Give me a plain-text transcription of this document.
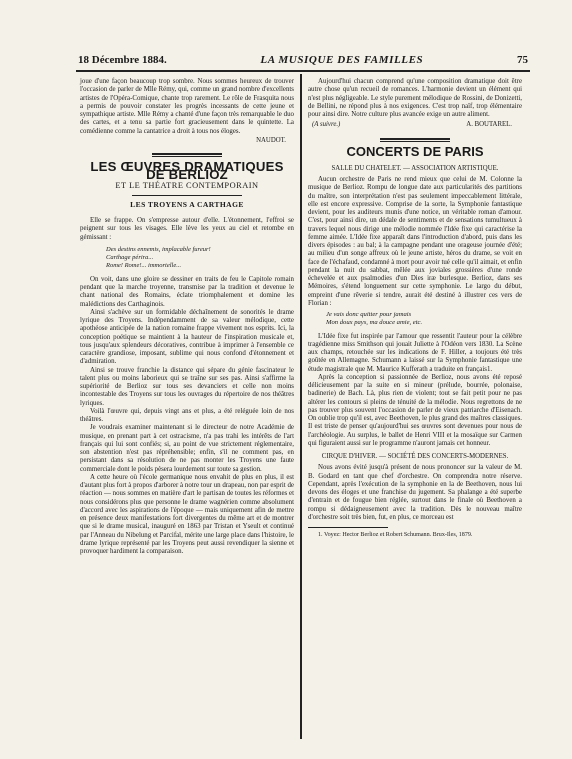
18 Décembre 1884.	LA MUSIQUE DES FAMILLES	75

joue d'une façon beaucoup trop sombre. Nous sommes heureux de trouver l'occasion de parler de Mlle Rémy, qui, comme un grand nombre d'excellents artistes de l'Opéra-Comique, chante trop rarement. Le rôle de Frasquita nous a permis de pouvoir constater les progrès incessants de cette jeune et sympathique artiste. Mlle Rémy a chanté d'une façon très remarquable le duo des cartes, et a tenu sa partie fort gracieusement dans le quintette. La comédienne comme la cantatrice a droit à tous nos éloges.

NAUDOT.

LES ŒUVRES DRAMATIQUES DE BERLIOZ
ET LE THÉATRE CONTEMPORAIN
LES TROYENS A CARTHAGE

Elle se frappe. On s'empresse autour d'elle. L'étonnement, l'effroi se peignent sur tous les visages. Elle lève les yeux au ciel et retombe en gémissant :

Des destins ennemis, implacable fureur!
Carthage périra...
Rome! Rome!... immortelle...

On voit, dans une gloire se dessiner en traits de feu le Capitole romain pendant que la marche troyenne, transmise par la tradition et devenue le chant national des Romains, éclate triomphalement et domine les malédictions des Carthaginois.

Ainsi s'achève sur un formidable déchaînement de sonorités le drame lyrique des Troyens. Indépendamment de sa valeur mélodique, cette apothéose anticipée de la nation romaine frappe vivement nos esprits. Ici, la conception poétique se maintient à la hauteur de l'inspiration musicale et, tous jusqu'aux splendeurs décoratives, contribue à imprimer à l'ensemble ce caractère grandiose, imposant, sublime qui nous confond d'étonnement et d'admiration.

Ainsi se trouve franchie la distance qui sépare du génie fascinateur le talent plus ou moins laborieux qui se traîne sur ses pas. Ainsi s'affirme la supériorité de Berlioz sur tous ses devanciers et celle non moins incontestable des Troyens sur tous les ouvrages du répertoire de nos théâtres lyriques.

Voilà l'œuvre qui, depuis vingt ans et plus, a été reléguée loin de nos théâtres.

Je voudrais examiner maintenant si le directeur de notre Académie de musique, en prenant part à cet ostracisme, n'a pas trahi les intérêts de l'art français qui lui sont confiés; si, au point de vue strictement réglementaire, son abstention n'est pas répréhensible; enfin, s'il ne comment pas, en persistant dans sa résolution de ne pas monter les Troyens une faute commerciale dont le poids pèsera lourdement sur toute sa gestion.

A cette heure où l'école germanique nous envahit de plus en plus, il est d'autant plus fort à propos d'arborer à notre tour un drapeau, non par esprit de réaction — nous sommes en matière d'art le partisan de toutes les réformes et nous considérons plus que personne le drame wagnérien comme absolument d'accord avec les aspirations de l'époque — mais uniquement afin de mettre en présence deux manifestations fort divergentes du même art et de montrer que si le drame musical, inauguré en 1863 par Tristan et Yseult et continué par l'Anneau du Nibelung et Parcifal, mérite une large place dans l'histoire, le drame lyrique représenté par les Troyens peut aussi revendiquer la sienne et provoquer hardiment la comparaison.

Aujourd'hui chacun comprend qu'une composition dramatique doit être autre chose qu'un recueil de romances. L'harmonie devient un élément qui n'est plus négligeable. Le style purement mélodique de Rossini, de Donizetti, de Bellini, ne répond plus à nos exigences. C'est trop naïf, trop élémentaire pour ainsi dire. Notre culture plus avancée exige un autre aliment.

(A suivre.)	A. BOUTAREL.
CONCERTS DE PARIS
SALLE DU CHATELET. — ASSOCIATION ARTISTIQUE.

Aucun orchestre de Paris ne rend mieux que celui de M. Colonne la musique de Berlioz. Rompu de longue date aux particularités des partitions du maître, son interprétation n'est pas seulement impeccablement littérale, elle est encore expressive. Comprise de la sorte, la Symphonie fantastique devient, pour les auditeurs munis d'une notice, un véritable roman d'amour. C'est, pour ainsi dire, un dédale de sentiments et de sensations tumultueux à travers lequel nous dirige une mélodie nommée l'Idée fixe qui caractérise la femme aimée. L'Idée fixe apparaît dans l'introduction d'abord, puis dans les divers épisodes : au bal; à la campagne pendant une orageuse journée d'été; au milieu d'un songe affreux où le jeune artiste, héros du drame, se voit en face de l'échafaud, condamné à mort pour avoir tué celle qu'il aimait, et enfin pendant la nuit du sabbat, mêlée aux joviales grossières d'une ronde échevelée et aux psalmodies d'un Dies iræ burlesque. Berlioz, dans ses Mémoires, s'étend longuement sur cette symphonie. Le largo du début, empreint d'une rêverie si tendre, aurait été destiné à illustrer ces vers de Florian :

Je vais donc quitter pour jamais
Mon doux pays, ma douce amie, etc.

L'Idée fixe fut inspirée par l'amour que ressentit l'auteur pour la célèbre tragédienne miss Smithson qui jouait Juliette à l'Odéon vers 1830. La Scène aux champs, retouchée sur les indications de F. Hiller, a toujours été très goûtée en Allemagne. Schumann a laissé sur la Symphonie fantastique une étude magistrale que M. Maurice Kufferath a traduite en français1.

Après la conception si passionnée de Berlioz, nous avons été reposé délicieusement par la suite en si mineur (prélude, bourrée, polonaise, badinerie) de Bach. Là, plus rien de violent; tout se fait petit pour ne pas altérer les contours si pleins de ténuité de la mélodie. Nous regrettons de ne pas trouver plus souvent l'occasion de parler de vieux patriarche d'Eisenach. On oublie trop qu'il est, avec Beethoven, le plus grand des maîtres classiques. Il est triste de penser qu'aujourd'hui ses œuvres sont devenues pour nous de l'archéologie. Au surplus, le ballet de Henri VIII et la mosaïque sur Carmen qui figuraient aussi sur le programme n'auront jamais cet honneur.

CIRQUE D'HIVER. — SOCIÉTÉ DES CONCERTS-MODERNES.

Nous avons évité jusqu'à présent de nous prononcer sur la valeur de M. B. Godard en tant que chef d'orchestre. On comprendra notre réserve. Cependant, après l'exécution de la symphonie en la de Beethoven, nous lui devons des éloges et une franchise du jugement. Sa phalange a été superbe d'entrain et de fougue bien réglée, surtout dans le finale où Beethoven a rompu si dédaigneusement avec la tradition. Dès le nouveau maître d'orchestre soit très bien, fut, en plus, ce morceau est

1. Voyez: Hector Berlioz et Robert Schumann. Brux-Iles, 1879.
